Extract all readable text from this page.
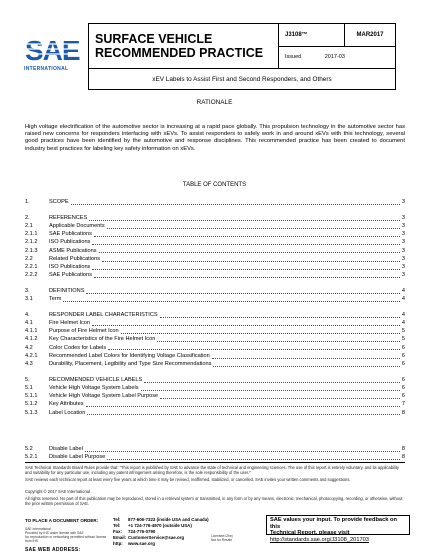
SAE
INTERNATIONAL
SURFACE VEHICLE
RECOMMENDED PRACTICE
	J3108™	MAR2017
Issued	2017-03
xEV Labels to Assist First and Second Responders, and Others
RATIONALE
High voltage electrification of the automotive sector is increasing at a rapid pace globally. This propulsion technology in the automotive sector has raised new concerns for responders interfacing with xEVs. To assist responders to safely work in and around xEVs with this technology, several good practices have been identified by the automotive and response disciplines. This recommended practice has been created to document industry best practices for labeling key safety information on xEVs.
TABLE OF CONTENTS
1.	SCOPE	3
2.	REFERENCES	3
2.1	Applicable Documents	3
2.1.1	SAE Publications	3
2.1.2	ISO Publications	3
2.1.3	ASME Publications	3
2.2	Related Publications	3
2.2.1	ISO Publications	3
2.2.2	SAE Publications	3
3.	DEFINITIONS	4
3.1	Term	4
4.	RESPONDER LABEL CHARACTERISTICS	4
4.1	Fire Helmet Icon	4
4.1.1	Purpose of Fire Helmet Icon	5
4.1.2	Key Characteristics of the Fire Helmet Icon	5
4.2	Color Codes for Labels	6
4.2.1	Recommended Label Colors for Identifying Voltage Classification	6
4.3	Durability, Placement, Legibility and Type Size Recommendations	6
5.	RECOMMENDED VEHICLE LABELS	6
5.1	Vehicle High Voltage System Labels	6
5.1.1	Vehicle High Voltage System Label Purpose	6
5.1.2	Key Attributes	7
5.1.3	Label Location	8
5.2	Disable Label	8
5.2.1	Disable Label Purpose	8
SAE Technical Standards Board Rules provide that: "This report is published by SAE to advance the state of technical and engineering sciences. The use of this report is entirely voluntary, and its applicability and suitability for any particular use, including any patent infringement arising therefore, is the sole responsibility of the user."
SAE reviews each technical report at least every five years at which time it may be revised, reaffirmed, stabilized, or cancelled. SAE invites your written comments and suggestions.
Copyright © 2017 SAE International
All rights reserved. No part of this publication may be reproduced, stored in a retrieval system or transmitted, in any form or by any means, electronic, mechanical, photocopying, recording, or otherwise, without the prior written permission of SAE.
TO PLACE A DOCUMENT ORDER:	Tel: 877-606-7323 (inside USA and Canada)
Tel: +1 724-776-4970 (outside USA)
Fax: 724-776-0790
Email: CustomerService@sae.org
http: www.sae.org
SAE International
Provided by IHS under license with SAE
No reproduction or networking permitted without license from IHS
Licensee=Zhej
Not for Resale
SAE values your input. To provide feedback on this
Technical Report, please visit http://standards.sae.org/J3108_201703
SAE WEB ADDRESS:
